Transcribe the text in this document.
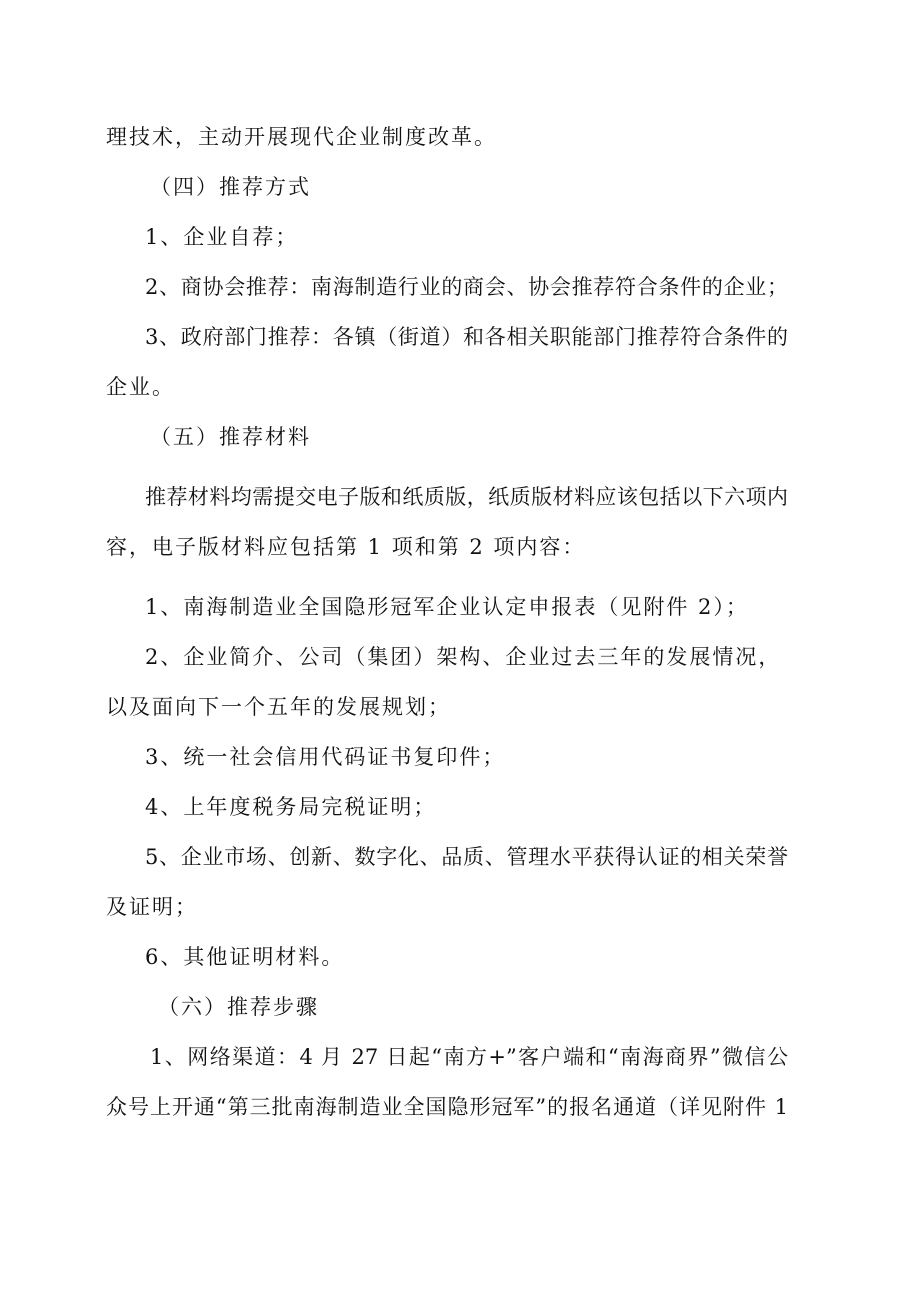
理技术，主动开展现代企业制度改革。
（四）推荐方式
1、企业自荐；
2、商协会推荐：南海制造行业的商会、协会推荐符合条件的企业；
3、政府部门推荐：各镇（街道）和各相关职能部门推荐符合条件的
企业。
（五）推荐材料
推荐材料均需提交电子版和纸质版，纸质版材料应该包括以下六项内
容，电子版材料应包括第 1 项和第 2 项内容：
1、南海制造业全国隐形冠军企业认定申报表（见附件 2）；
2、企业简介、公司（集团）架构、企业过去三年的发展情况，
以及面向下一个五年的发展规划；
3、统一社会信用代码证书复印件；
4、上年度税务局完税证明；
5、企业市场、创新、数字化、品质、管理水平获得认证的相关荣誉
及证明；
6、其他证明材料。
（六）推荐步骤
1、网络渠道：4 月 27 日起“南方+”客户端和“南海商界”微信公
众号上开通“第三批南海制造业全国隐形冠军”的报名通道（详见附件 1
